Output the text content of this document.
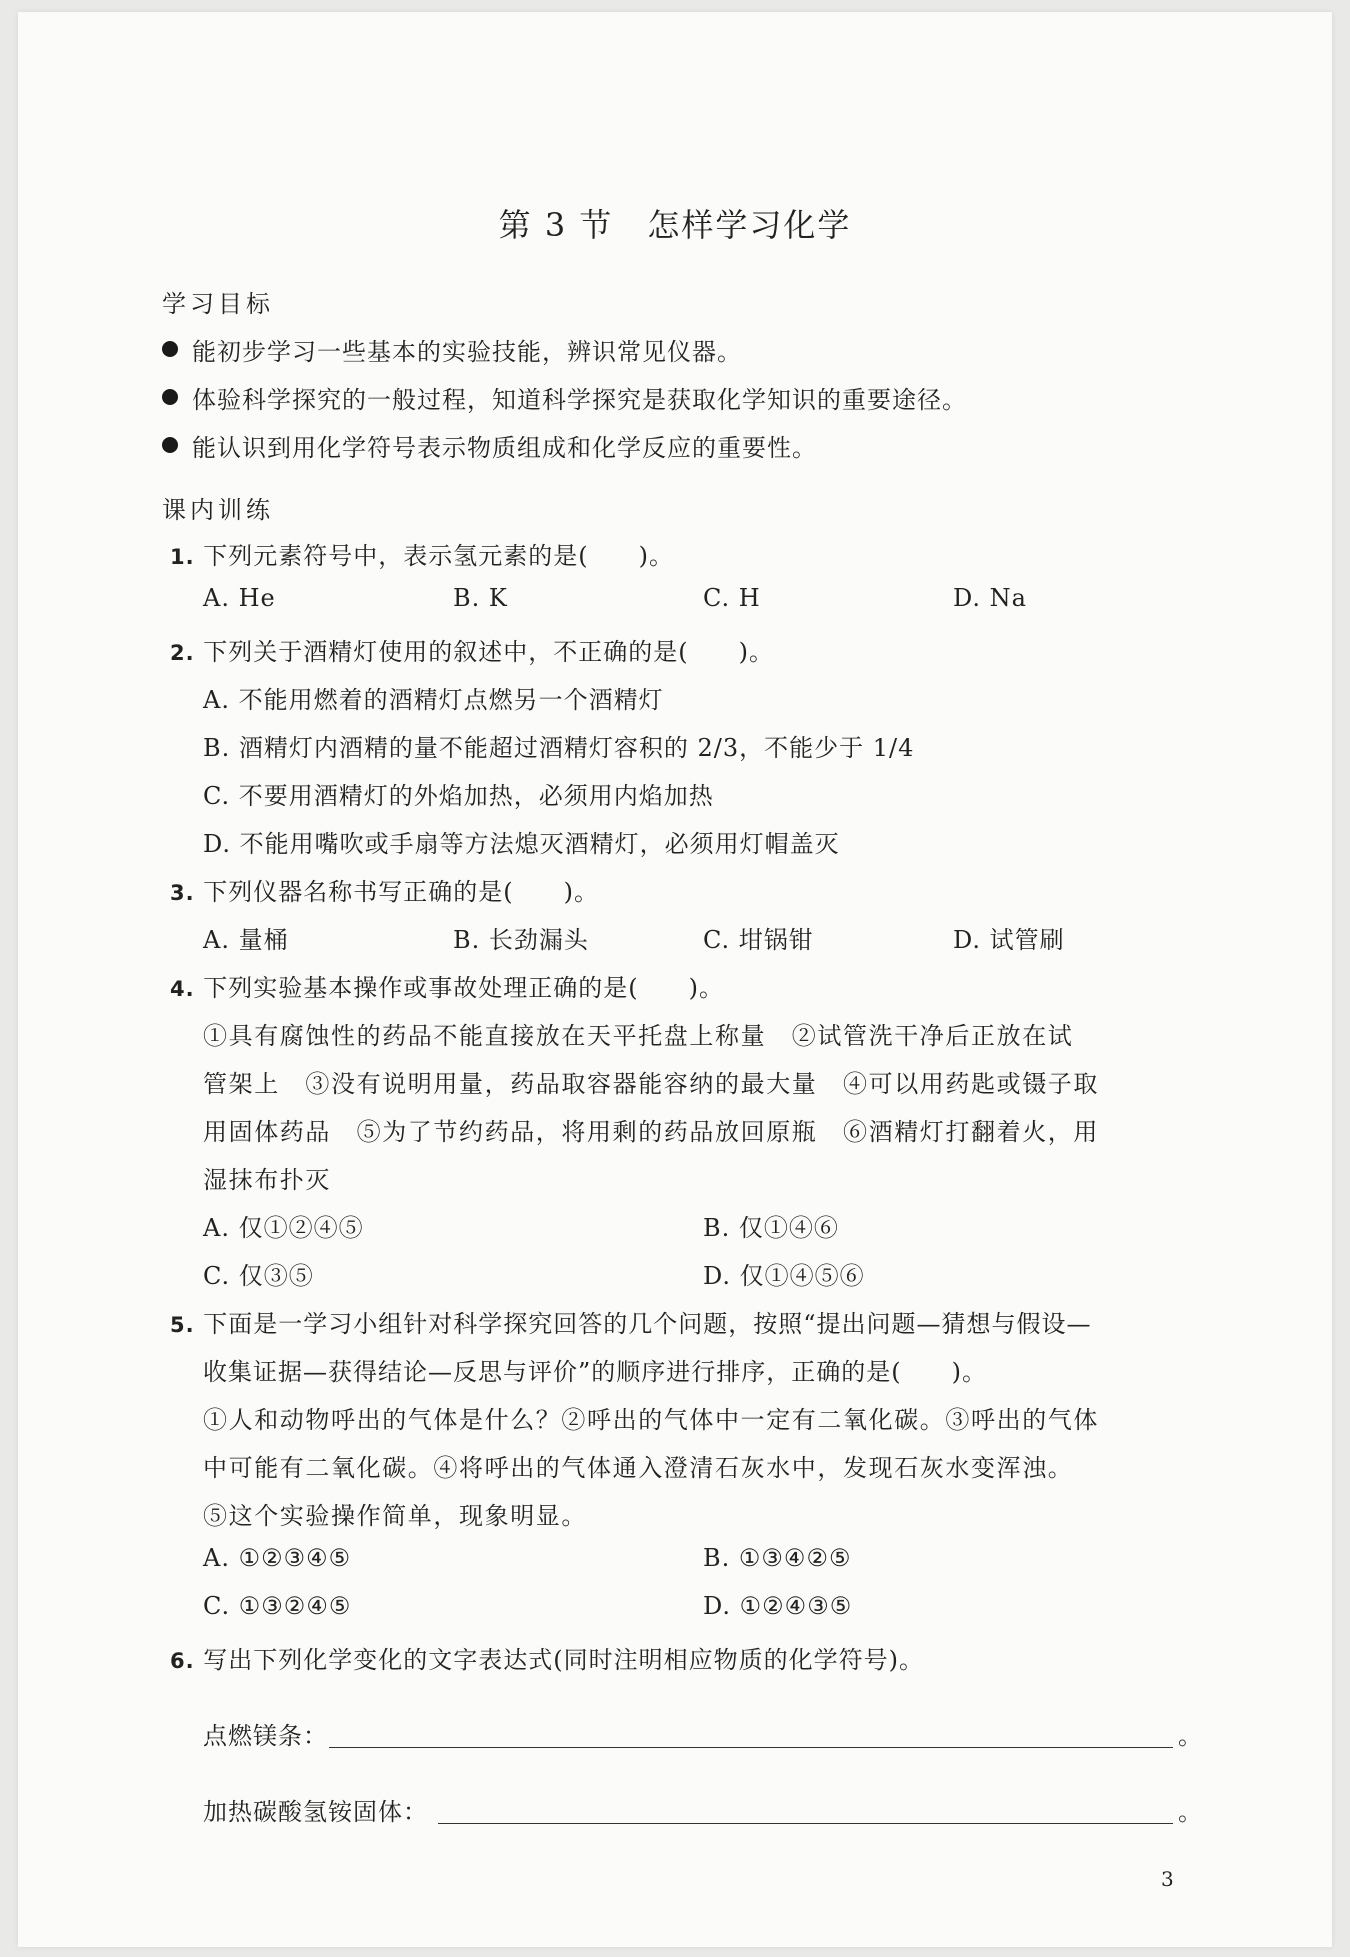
第 3 节　怎样学习化学
学习目标
能初步学习一些基本的实验技能，辨识常见仪器。
体验科学探究的一般过程，知道科学探究是获取化学知识的重要途径。
能认识到用化学符号表示物质组成和化学反应的重要性。
课内训练
1. 下列元素符号中，表示氢元素的是(　　)。
A. He	B. K	C. H	D. Na
2. 下列关于酒精灯使用的叙述中，不正确的是(　　)。
A. 不能用燃着的酒精灯点燃另一个酒精灯
B. 酒精灯内酒精的量不能超过酒精灯容积的 2/3，不能少于 1/4
C. 不要用酒精灯的外焰加热，必须用内焰加热
D. 不能用嘴吹或手扇等方法熄灭酒精灯，必须用灯帽盖灭
3. 下列仪器名称书写正确的是(　　)。
A. 量桶	B. 长劲漏头	C. 坩锅钳	D. 试管刷
4. 下列实验基本操作或事故处理正确的是(　　)。
①具有腐蚀性的药品不能直接放在天平托盘上称量　②试管洗干净后正放在试
管架上　③没有说明用量，药品取容器能容纳的最大量　④可以用药匙或镊子取
用固体药品　⑤为了节约药品，将用剩的药品放回原瓶　⑥酒精灯打翻着火，用
湿抹布扑灭
A. 仅①②④⑤	B. 仅①④⑥
C. 仅③⑤	D. 仅①④⑤⑥
5. 下面是一学习小组针对科学探究回答的几个问题，按照“提出问题—猜想与假设—
收集证据—获得结论—反思与评价”的顺序进行排序，正确的是(　　)。
①人和动物呼出的气体是什么？②呼出的气体中一定有二氧化碳。③呼出的气体
中可能有二氧化碳。④将呼出的气体通入澄清石灰水中，发现石灰水变浑浊。
⑤这个实验操作简单，现象明显。
A. ①②③④⑤	B. ①③④②⑤
C. ①③②④⑤	D. ①②④③⑤
6. 写出下列化学变化的文字表达式(同时注明相应物质的化学符号)。
点燃镁条：	。
加热碳酸氢铵固体：	。
3
